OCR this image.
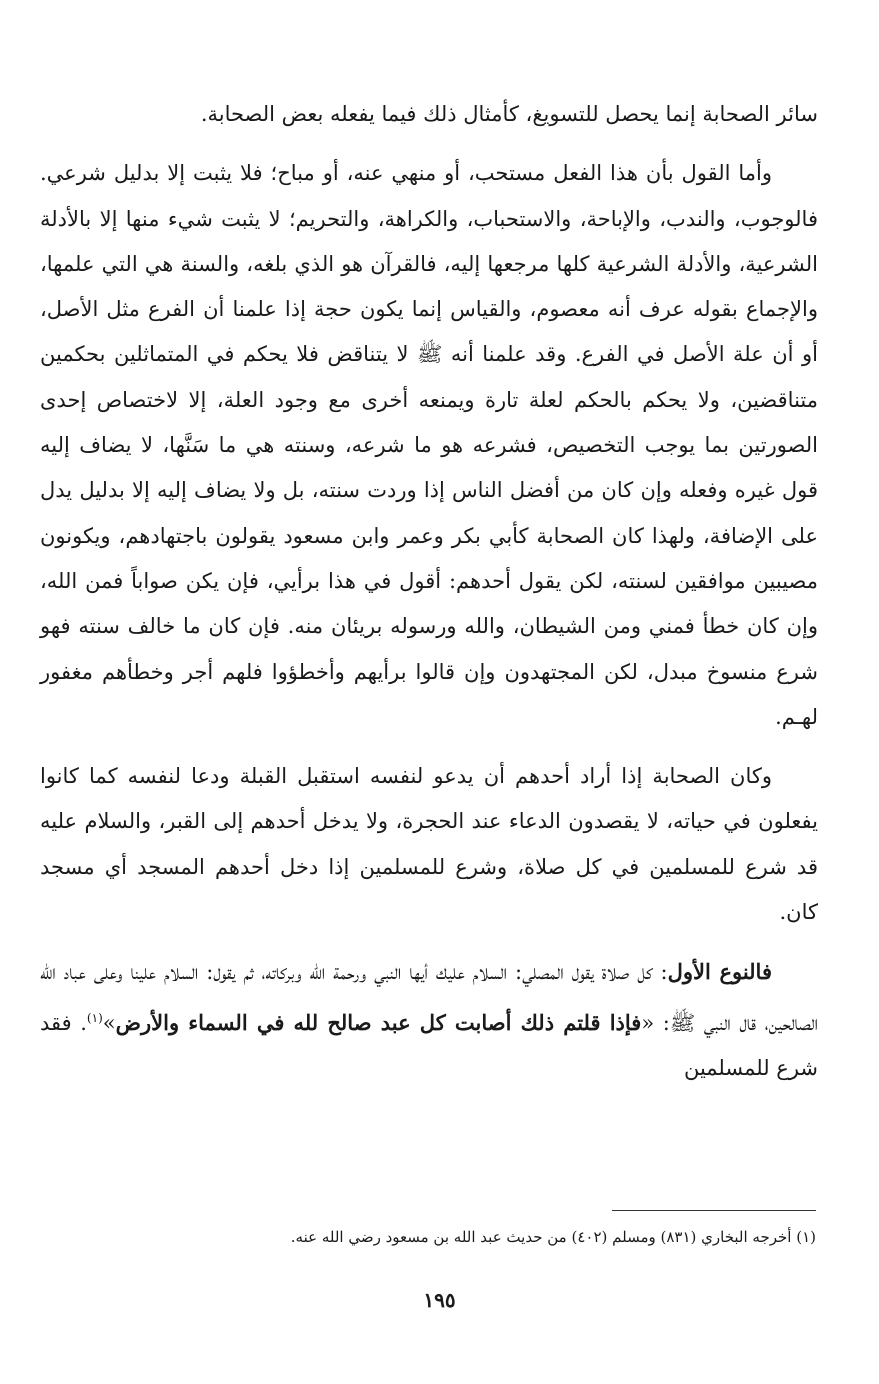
سائر الصحابة إنما يحصل للتسويغ، كأمثال ذلك فيما يفعله بعض الصحابة.

وأما القول بأن هذا الفعل مستحب، أو منهي عنه، أو مباح؛ فلا يثبت إلا بدليل شرعي. فالوجوب، والندب، والإباحة، والاستحباب، والكراهة، والتحريم؛ لا يثبت شيء منها إلا بالأدلة الشرعية، والأدلة الشرعية كلها مرجعها إليه، فالقرآن هو الذي بلغه، والسنة هي التي علمها، والإجماع بقوله عرف أنه معصوم، والقياس إنما يكون حجة إذا علمنا أن الفرع مثل الأصل، أو أن علة الأصل في الفرع. وقد علمنا أنه ﷺ لا يتناقض فلا يحكم في المتماثلين بحكمين متناقضين، ولا يحكم بالحكم لعلة تارة ويمنعه أخرى مع وجود العلة، إلا لاختصاص إحدى الصورتين بما يوجب التخصيص، فشرعه هو ما شرعه، وسنته هي ما سَنَّها، لا يضاف إليه قول غيره وفعله وإن كان من أفضل الناس إذا وردت سنته، بل ولا يضاف إليه إلا بدليل يدل على الإضافة، ولهذا كان الصحابة كأبي بكر وعمر وابن مسعود يقولون باجتهادهم، ويكونون مصيبين موافقين لسنته، لكن يقول أحدهم: أقول في هذا برأيي، فإن يكن صواباً فمن الله، وإن كان خطأ فمني ومن الشيطان، والله ورسوله بريئان منه. فإن كان ما خالف سنته فهو شرع منسوخ مبدل، لكن المجتهدون وإن قالوا برأيهم وأخطؤوا فلهم أجر وخطأهم مغفور لهـم.

وكان الصحابة إذا أراد أحدهم أن يدعو لنفسه استقبل القبلة ودعا لنفسه كما كانوا يفعلون في حياته، لا يقصدون الدعاء عند الحجرة، ولا يدخل أحدهم إلى القبر، والسلام عليه قد شرع للمسلمين في كل صلاة، وشرع للمسلمين إذا دخل أحدهم المسجد أي مسجد كان.

فالنوع الأول: كل صلاة يقول المصلي: السلام عليك أيها النبي ورحمة الله وبركاته، ثم يقول: السلام علينا وعلى عباد الله الصالحين، قال النبي ﷺ: «فإذا قلتم ذلك أصابت كل عبد صالح لله في السماء والأرض»$^{(١)}$. فقد شرع للمسلمين

(١) أخرجه البخاري (٨٣١) ومسلم (٤٠٢) من حديث عبد الله بن مسعود رضي الله عنه.
١٩٥
